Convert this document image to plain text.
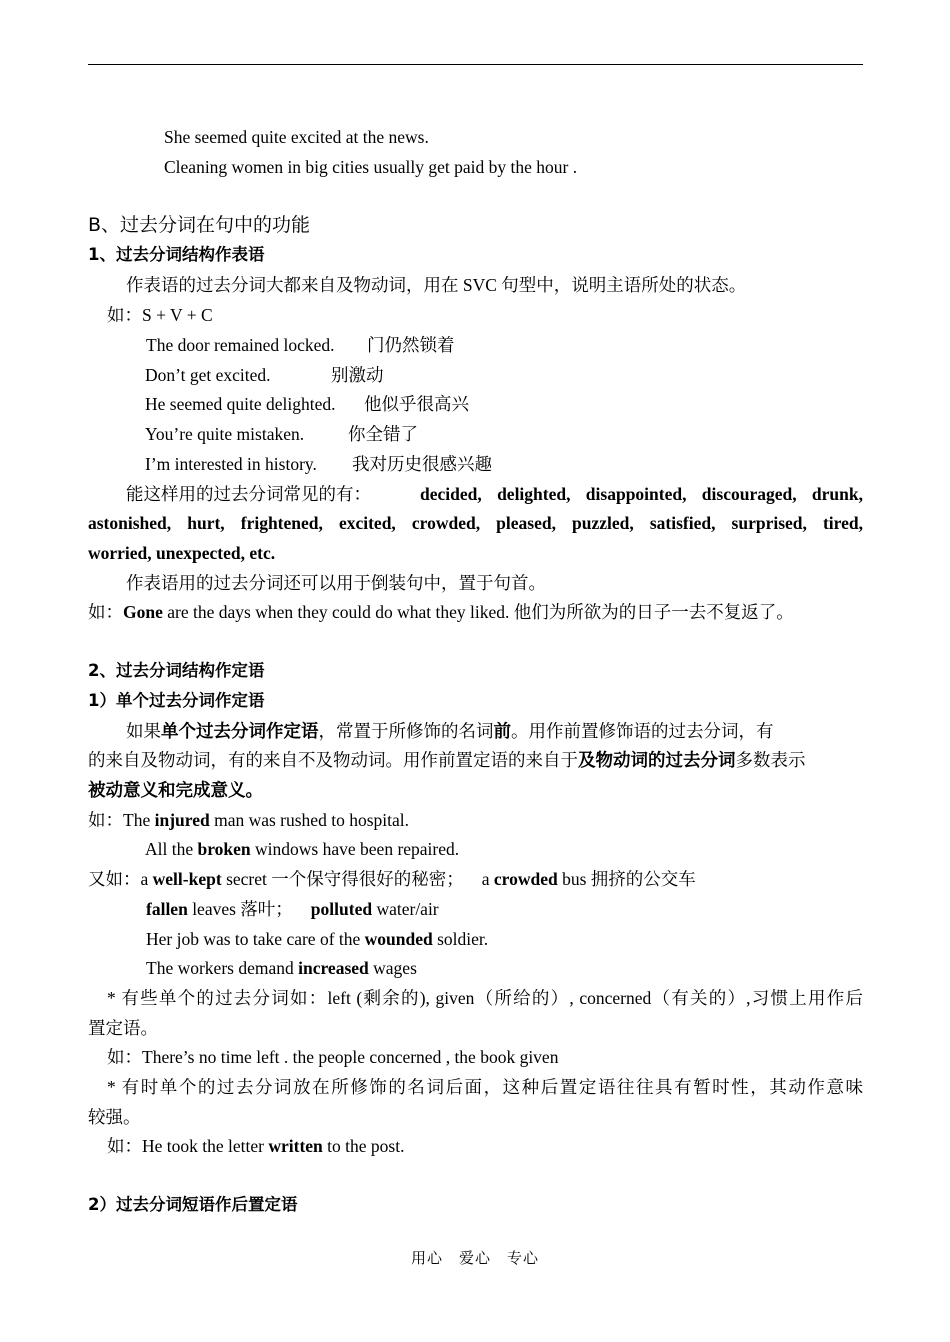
She seemed quite excited at the news.
Cleaning women in big cities usually get paid by the hour .
B、过去分词在句中的功能
1、过去分词结构作表语
作表语的过去分词大都来自及物动词，用在 SVC 句型中，说明主语所处的状态。
如：S + V + C
The door remained locked. 门仍然锁着
Don’t get excited.	别激动
He seemed quite delighted. 他似乎很高兴
You’re quite mistaken.	你全错了
I’m interested in history. 我对历史很感兴趣
能这样用的过去分词常见的有：	decided, delighted, disappointed, discouraged, drunk,
astonished, hurt, frightened, excited, crowded, pleased, puzzled, satisfied, surprised, tired,
worried, unexpected, etc.
作表语用的过去分词还可以用于倒装句中，置于句首。
如：Gone are the days when they could do what they liked. 他们为所欲为的日子一去不复返了。
2、过去分词结构作定语
1）单个过去分词作定语
如果单个过去分词作定语，常置于所修饰的名词前。用作前置修饰语的过去分词，有
的来自及物动词，有的来自不及物动词。用作前置定语的来自于及物动词的过去分词多数表示
被动意义和完成意义。
如：The injured man was rushed to hospital.
All the broken windows have been repaired.
又如：a well-kept secret 一个保守得很好的秘密； a crowded bus 拥挤的公交车
fallen leaves 落叶； polluted water/air
Her job was to take care of the wounded soldier.
The workers demand increased wages
* 有些单个的过去分词如：left (剩余的), given（所给的）, concerned（有关的）,习惯上用作后
置定语。
如：There’s no time left . the people concerned , the book given
* 有时单个的过去分词放在所修饰的名词后面，这种后置定语往往具有暂时性，其动作意味
较强。
如：He took the letter written to the post.
2）过去分词短语作后置定语
用心　爱心　专心
